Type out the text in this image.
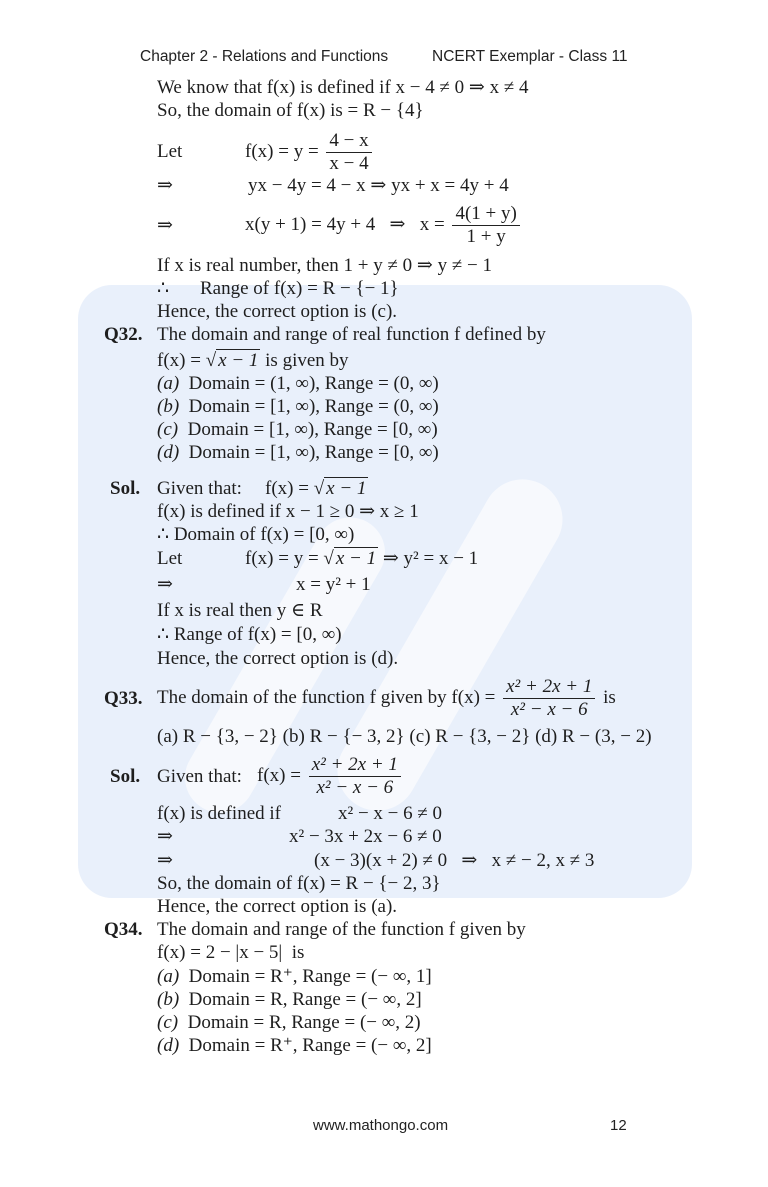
Chapter 2 - Relations and Functions	NCERT Exemplar - Class 11
We know that f(x) is defined if x − 4 ≠ 0 ⇒ x ≠ 4
So, the domain of f(x) is = R − {4}
Let	$f(x) = y = \frac{4 - x}{x - 4}$
⇒	yx − 4y = 4 − x ⇒ yx + x = 4y + 4
⇒	x(y + 1) = 4y + 4   ⇒   $x = \frac{4(1 + y)}{1 + y}$
If x is real number, then 1 + y ≠ 0 ⇒ y ≠ − 1
∴ Range of f(x) = R − {− 1}
Hence, the correct option is (c).
Q32. The domain and range of real function f defined by
f(x) = √ x − 1 is given by
(a) Domain = (1, ∞), Range = (0, ∞)
(b) Domain = [1, ∞), Range = (0, ∞)
(c) Domain = [1, ∞), Range = [0, ∞)
(d) Domain = [1, ∞), Range = [0, ∞)
Sol. Given that: f(x) = √ x − 1
f(x) is defined if x − 1 ≥ 0 ⇒ x ≥ 1
∴ Domain of f(x) = [0, ∞)
Let	f(x) = y = √ x − 1 ⇒ y² = x − 1
⇒	x = y² + 1
If x is real then y ∈ R
∴ Range of f(x) = [0, ∞)
Hence, the correct option is (d).
Q33. The domain of the function f given by $f(x) = \frac{\text{x² + 2x + 1}}{\text{x² − x − 6}}$ is
(a) R − {3, − 2} (b) R − {− 3, 2} (c) R − {3, − 2} (d) R − (3, − 2)
Sol. Given that: $f(x) = \frac{\text{x² + 2x + 1}}{\text{x² − x − 6}}$
f(x) is defined if	x² − x − 6 ≠ 0
⇒	x² − 3x + 2x − 6 ≠ 0
⇒	(x − 3)(x + 2) ≠ 0   ⇒   x ≠ − 2, x ≠ 3
So, the domain of f(x) = R − {− 2, 3}
Hence, the correct option is (a).
Q34. The domain and range of the function f given by
f(x) = 2 − |x − 5|  is
(a) Domain = R⁺, Range = (− ∞, 1]
(b) Domain = R, Range = (− ∞, 2]
(c) Domain = R, Range = (− ∞, 2)
(d) Domain = R⁺, Range = (− ∞, 2]
www.mathongo.com	12
